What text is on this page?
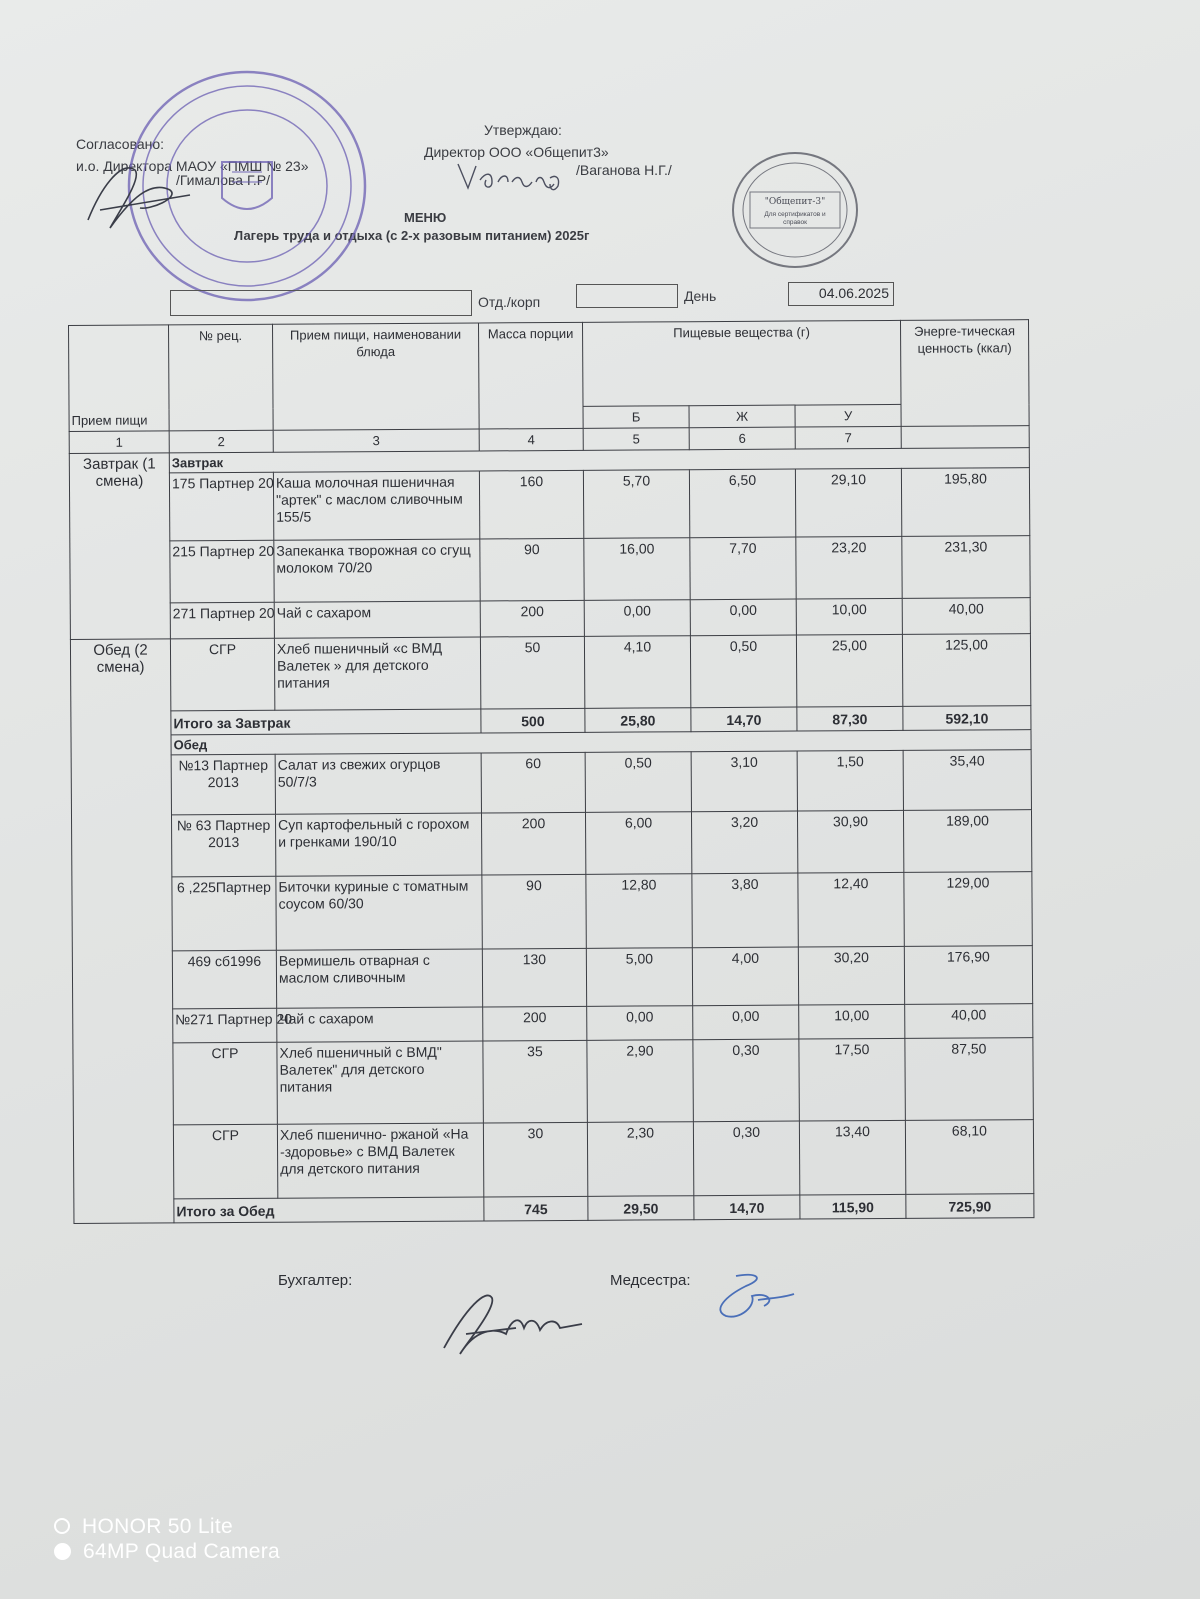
Согласовано:
и.о. Директора МАОУ «ПМШ № 23»
/Гималова Г.Р/
Утверждаю:
Директор ООО «Общепит3»
/Ваганова Н.Г./
МЕНЮ
Лагерь труда и отдыха (с 2-х разовым питанием) 2025г
"Общепит-3"
Для сертификатов и справок
Отд./корп	День	04.06.2025
Прием пищи	№ рец.	Прием пищи, наименовании блюда	Масса порции	Пищевые вещества (г)			Энерге-тическая ценность (ккал)
				Б	Ж	У	
1	2	3	4	5	6	7	
Завтрак (1 смена)	Завтрак						
	175 Партнер 20	Каша молочная пшеничная "артек" с маслом сливочным 155/5	160	5,70	6,50	29,10	195,80
	215 Партнер 20	Запеканка творожная со сгущ молоком 70/20	90	16,00	7,70	23,20	231,30
	271 Партнер 20	Чай с сахаром	200	0,00	0,00	10,00	40,00
Обед (2 смена)	СГР	Хлеб пшеничный «с ВМД Валетек » для детского питания	50	4,10	0,50	25,00	125,00
	Итого за Завтрак		500	25,80	14,70	87,30	592,10
	Обед						
	№13 Партнер 2013	Салат из свежих огурцов 50/7/3	60	0,50	3,10	1,50	35,40
	№ 63 Партнер 2013	Суп картофельный с горохом и гренками 190/10	200	6,00	3,20	30,90	189,00
	6 ,225Партнер	Биточки куриные с томатным соусом 60/30	90	12,80	3,80	12,40	129,00
	469 сб1996	Вермишель отварная с маслом сливочным	130	5,00	4,00	30,20	176,90
	№271 Партнер 20	Чай с сахаром	200	0,00	0,00	10,00	40,00
	СГР	Хлеб пшеничный с ВМД" Валетек" для детского питания	35	2,90	0,30	17,50	87,50
	СГР	Хлеб пшенично- ржаной «На -здоровье» с ВМД Валетек для детского питания	30	2,30	0,30	13,40	68,10
	Итого за Обед		745	29,50	14,70	115,90	725,90
Бухгалтер:	Медсестра:
HONOR 50 Lite
64MP Quad Camera
